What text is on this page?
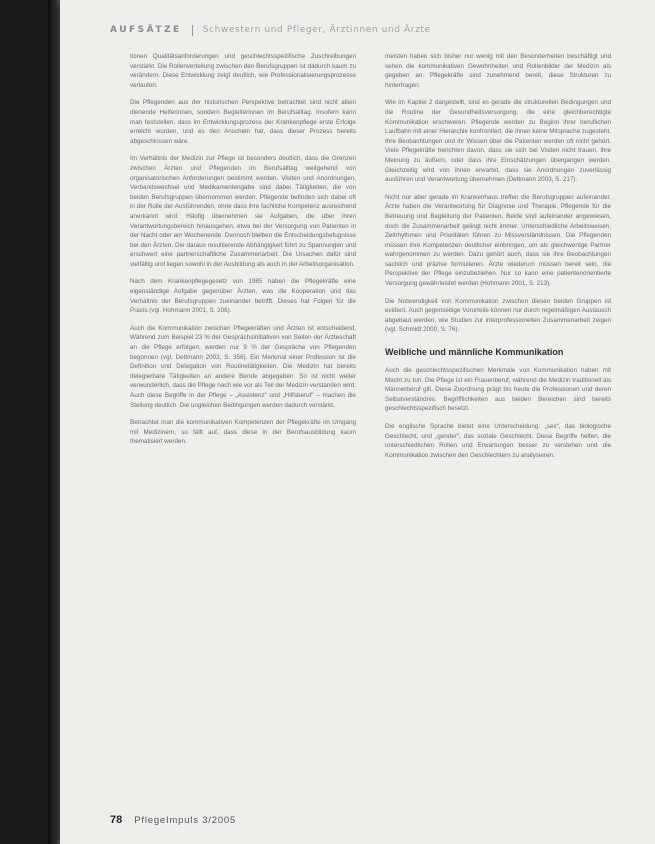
AUFSÄTZE Schwestern und Pfleger, Ärztinnen und Ärzte

tionen Qualitätsanforderungen und geschlechtsspezifische Zuschreibungen verstärkt. Die Rollenverteilung zwischen den Berufsgruppen ist dadurch kaum zu verändern. Diese Entwicklung zeigt deutlich, wie Professionalisierungsprozesse verlaufen.

Die Pflegenden aus der historischen Perspektive betrachtet sind nicht allein dienende Helferinnen, sondern Begleiterinnen im Berufsalltag. Insofern kann man feststellen, dass im Entwicklungsprozess der Krankenpflege erste Erfolge erreicht wurden, und es den Anschein hat, dass dieser Prozess bereits abgeschlossen wäre.

Im Verhältnis der Medizin zur Pflege ist besonders deutlich, dass die Grenzen zwischen Ärzten und Pflegenden im Berufsalltag weitgehend von organisatorischen Anforderungen bestimmt werden. Visiten und Anordnungen, Verbandswechsel und Medikamentengabe sind dabei Tätigkeiten, die von beiden Berufsgruppen übernommen werden. Pflegende befinden sich dabei oft in der Rolle der Ausführenden, ohne dass ihre fachliche Kompetenz ausreichend anerkannt wird. Häufig übernehmen sie Aufgaben, die über ihren Verantwortungsbereich hinausgehen, etwa bei der Versorgung von Patienten in der Nacht oder am Wochenende. Dennoch bleiben die Entscheidungsbefugnisse bei den Ärzten. Die daraus resultierende Abhängigkeit führt zu Spannungen und erschwert eine partnerschaftliche Zusammenarbeit. Die Ursachen dafür sind vielfältig und liegen sowohl in der Ausbildung als auch in der Arbeitsorganisation.

Nach dem Krankenpflegegesetz von 1985 haben die Pflegekräfte eine eigenständige Aufgabe gegenüber Ärzten, was die Kooperation und das Verhältnis der Berufsgruppen zueinander betrifft. Dieses hat Folgen für die Praxis (vgl. Hohmann 2001, S. 206).

Auch die Kommunikation zwischen Pflegekräften und Ärzten ist entscheidend. Während zum Beispiel 23 % der Gesprächsinitiativen von Seiten der Ärzteschaft an die Pflege erfolgen, werden nur 9 % der Gespräche von Pflegenden begonnen (vgl. Dettmann 2003, S. 356). Ein Merkmal einer Profession ist die Definition und Delegation von Routinetätigkeiten. Die Medizin hat bereits delegierbare Tätigkeiten an andere Berufe abgegeben. So ist nicht weiter verwunderlich, dass die Pflege nach wie vor als Teil der Medizin verstanden wird. Auch diese Begriffe in der Pflege – „Assistenz“ und „Hilfsberuf“ – machen die Stellung deutlich. Die ungleichen Bedingungen werden dadurch verstärkt.

Betrachtet man die kommunikativen Kompetenzen der Pflegekräfte im Umgang mit Medizinern, so fällt auf, dass diese in der Berufsausbildung kaum thematisiert werden.

meisten haben sich bisher nur wenig mit den Besonderheiten beschäftigt und sehen die kommunikativen Gewohnheiten und Rollenbilder der Medizin als gegeben an. Pflegekräfte sind zunehmend bereit, diese Strukturen zu hinterfragen.

Wie im Kapitel 2 dargestellt, sind es gerade die strukturellen Bedingungen und die Routine der Gesundheitsversorgung, die eine gleichberechtigte Kommunikation erschweren. Pflegende werden zu Beginn ihrer beruflichen Laufbahn mit einer Hierarchie konfrontiert, die ihnen keine Mitsprache zugesteht. Ihre Beobachtungen und ihr Wissen über die Patienten werden oft nicht gehört. Viele Pflegekräfte berichten davon, dass sie sich bei Visiten nicht trauen, ihre Meinung zu äußern, oder dass ihre Einschätzungen übergangen werden. Gleichzeitig wird von ihnen erwartet, dass sie Anordnungen zuverlässig ausführen und Verantwortung übernehmen (Dettmann 2003, S. 217).

Nicht nur aber gerade im Krankenhaus treffen die Berufsgruppen aufeinander. Ärzte haben die Verantwortung für Diagnose und Therapie, Pflegende für die Betreuung und Begleitung der Patienten. Beide sind aufeinander angewiesen, doch die Zusammenarbeit gelingt nicht immer. Unterschiedliche Arbeitsweisen, Zeitrhythmen und Prioritäten führen zu Missverständnissen. Die Pflegenden müssen ihre Kompetenzen deutlicher einbringen, um als gleichwertige Partner wahrgenommen zu werden. Dazu gehört auch, dass sie ihre Beobachtungen sachlich und präzise formulieren. Ärzte wiederum müssen bereit sein, die Perspektive der Pflege einzubeziehen. Nur so kann eine patientenorientierte Versorgung gewährleistet werden (Hohmann 2001, S. 213).

Die Notwendigkeit von Kommunikation zwischen diesen beiden Gruppen ist evident. Auch gegenseitige Vorurteile können nur durch regelmäßigen Austausch abgebaut werden, wie Studien zur interprofessionellen Zusammenarbeit zeigen (vgl. Schmidt 2000, S. 76).

Weibliche und männliche Kommunikation

Auch die geschlechtsspezifischen Merkmale von Kommunikation haben mit Macht zu tun. Die Pflege ist ein Frauenberuf, während die Medizin traditionell als Männerberuf gilt. Diese Zuordnung prägt bis heute die Professionen und deren Selbstverständnis. Begrifflichkeiten aus beiden Bereichen sind bereits geschlechtsspezifisch besetzt.

Die englische Sprache bietet eine Unterscheidung: „sex“, das biologische Geschlecht, und „gender“, das soziale Geschlecht. Diese Begriffe helfen, die unterschiedlichen Rollen und Erwartungen besser zu verstehen und die Kommunikation zwischen den Geschlechtern zu analysieren.

78 PflegeImpuls 3/2005
